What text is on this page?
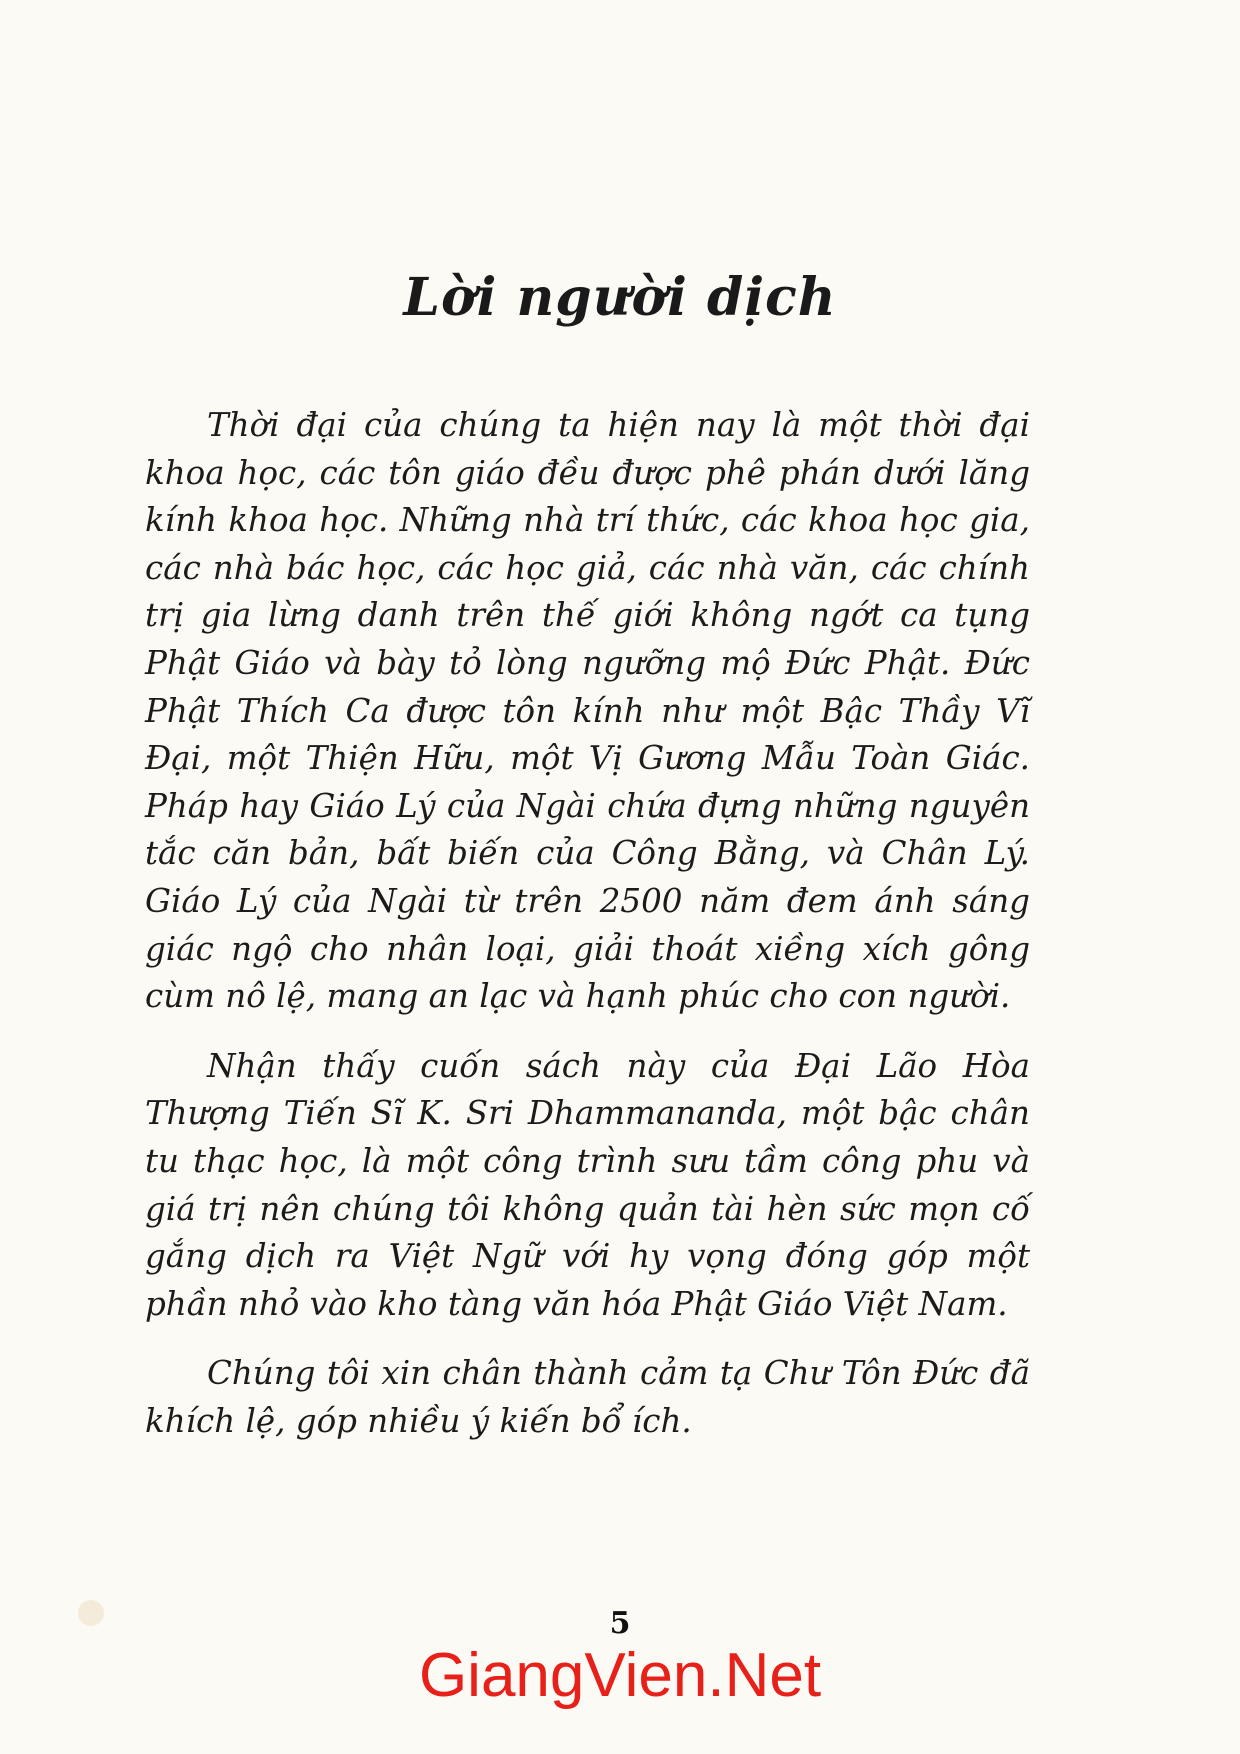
Lời người dịch

Thời đại của chúng ta hiện nay là một thời đại khoa học, các tôn giáo đều được phê phán dưới lăng kính khoa học. Những nhà trí thức, các khoa học gia, các nhà bác học, các học giả, các nhà văn, các chính trị gia lừng danh trên thế giới không ngớt ca tụng Phật Giáo và bày tỏ lòng ngưỡng mộ Đức Phật. Đức Phật Thích Ca được tôn kính như một Bậc Thầy Vĩ Đại, một Thiện Hữu, một Vị Gương Mẫu Toàn Giác. Pháp hay Giáo Lý của Ngài chứa đựng những nguyên tắc căn bản, bất biến của Công Bằng, và Chân Lý. Giáo Lý của Ngài từ trên 2500 năm đem ánh sáng giác ngộ cho nhân loại, giải thoát xiềng xích gông cùm nô lệ, mang an lạc và hạnh phúc cho con người.

Nhận thấy cuốn sách này của Đại Lão Hòa Thượng Tiến Sĩ K. Sri Dhammananda, một bậc chân tu thạc học, là một công trình sưu tầm công phu và giá trị nên chúng tôi không quản tài hèn sức mọn cố gắng dịch ra Việt Ngữ với hy vọng đóng góp một phần nhỏ vào kho tàng văn hóa Phật Giáo Việt Nam.

Chúng tôi xin chân thành cảm tạ Chư Tôn Đức đã khích lệ, góp nhiều ý kiến bổ ích.

5
GiangVien.Net
